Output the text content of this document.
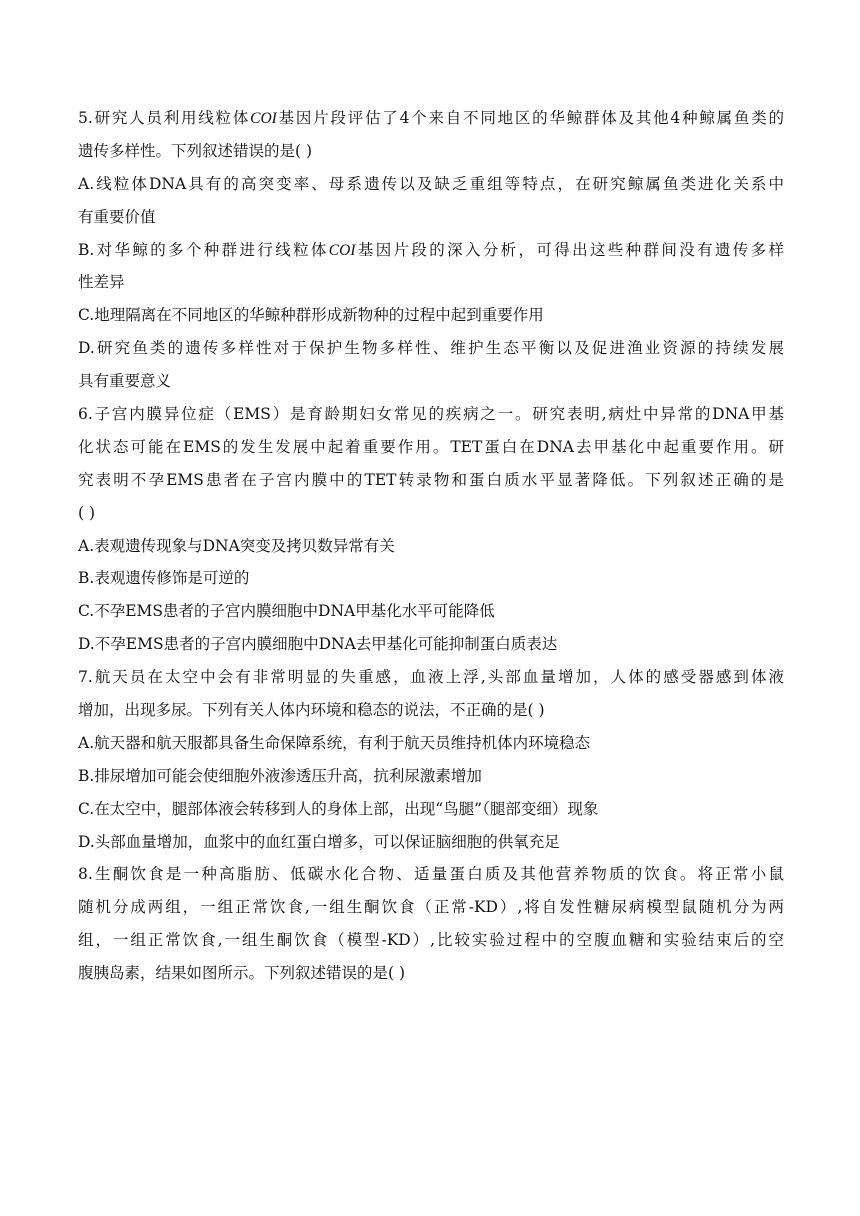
5.研究人员利用线粒体COI基因片段评估了4个来自不同地区的华鲸群体及其他4种鲸属鱼类的
遗传多样性。下列叙述错误的是( )
A.线粒体DNA具有的高突变率、母系遗传以及缺乏重组等特点，在研究鲸属鱼类进化关系中
有重要价值
B.对华鲸的多个种群进行线粒体COI基因片段的深入分析，可得出这些种群间没有遗传多样
性差异
C.地理隔离在不同地区的华鲸种群形成新物种的过程中起到重要作用
D.研究鱼类的遗传多样性对于保护生物多样性、维护生态平衡以及促进渔业资源的持续发展
具有重要意义
6.子宫内膜异位症（EMS）是育龄期妇女常见的疾病之一。研究表明,病灶中异常的DNA甲基
化状态可能在EMS的发生发展中起着重要作用。TET蛋白在DNA去甲基化中起重要作用。研
究表明不孕EMS患者在子宫内膜中的TET转录物和蛋白质水平显著降低。下列叙述正确的是
( )
A.表观遗传现象与DNA突变及拷贝数异常有关
B.表观遗传修饰是可逆的
C.不孕EMS患者的子宫内膜细胞中DNA甲基化水平可能降低
D.不孕EMS患者的子宫内膜细胞中DNA去甲基化可能抑制蛋白质表达
7.航天员在太空中会有非常明显的失重感，血液上浮,头部血量增加，人体的感受器感到体液
增加，出现多尿。下列有关人体内环境和稳态的说法，不正确的是( )
A.航天器和航天服都具备生命保障系统，有利于航天员维持机体内环境稳态
B.排尿增加可能会使细胞外液渗透压升高，抗利尿激素增加
C.在太空中，腿部体液会转移到人的身体上部，出现“鸟腿”（腿部变细）现象
D.头部血量增加，血浆中的血红蛋白增多，可以保证脑细胞的供氧充足
8.生酮饮食是一种高脂肪、低碳水化合物、适量蛋白质及其他营养物质的饮食。将正常小鼠
随机分成两组，一组正常饮食,一组生酮饮食（正常-KD）,将自发性糖尿病模型鼠随机分为两
组，一组正常饮食,一组生酮饮食（模型-KD）,比较实验过程中的空腹血糖和实验结束后的空
腹胰岛素，结果如图所示。下列叙述错误的是( )
